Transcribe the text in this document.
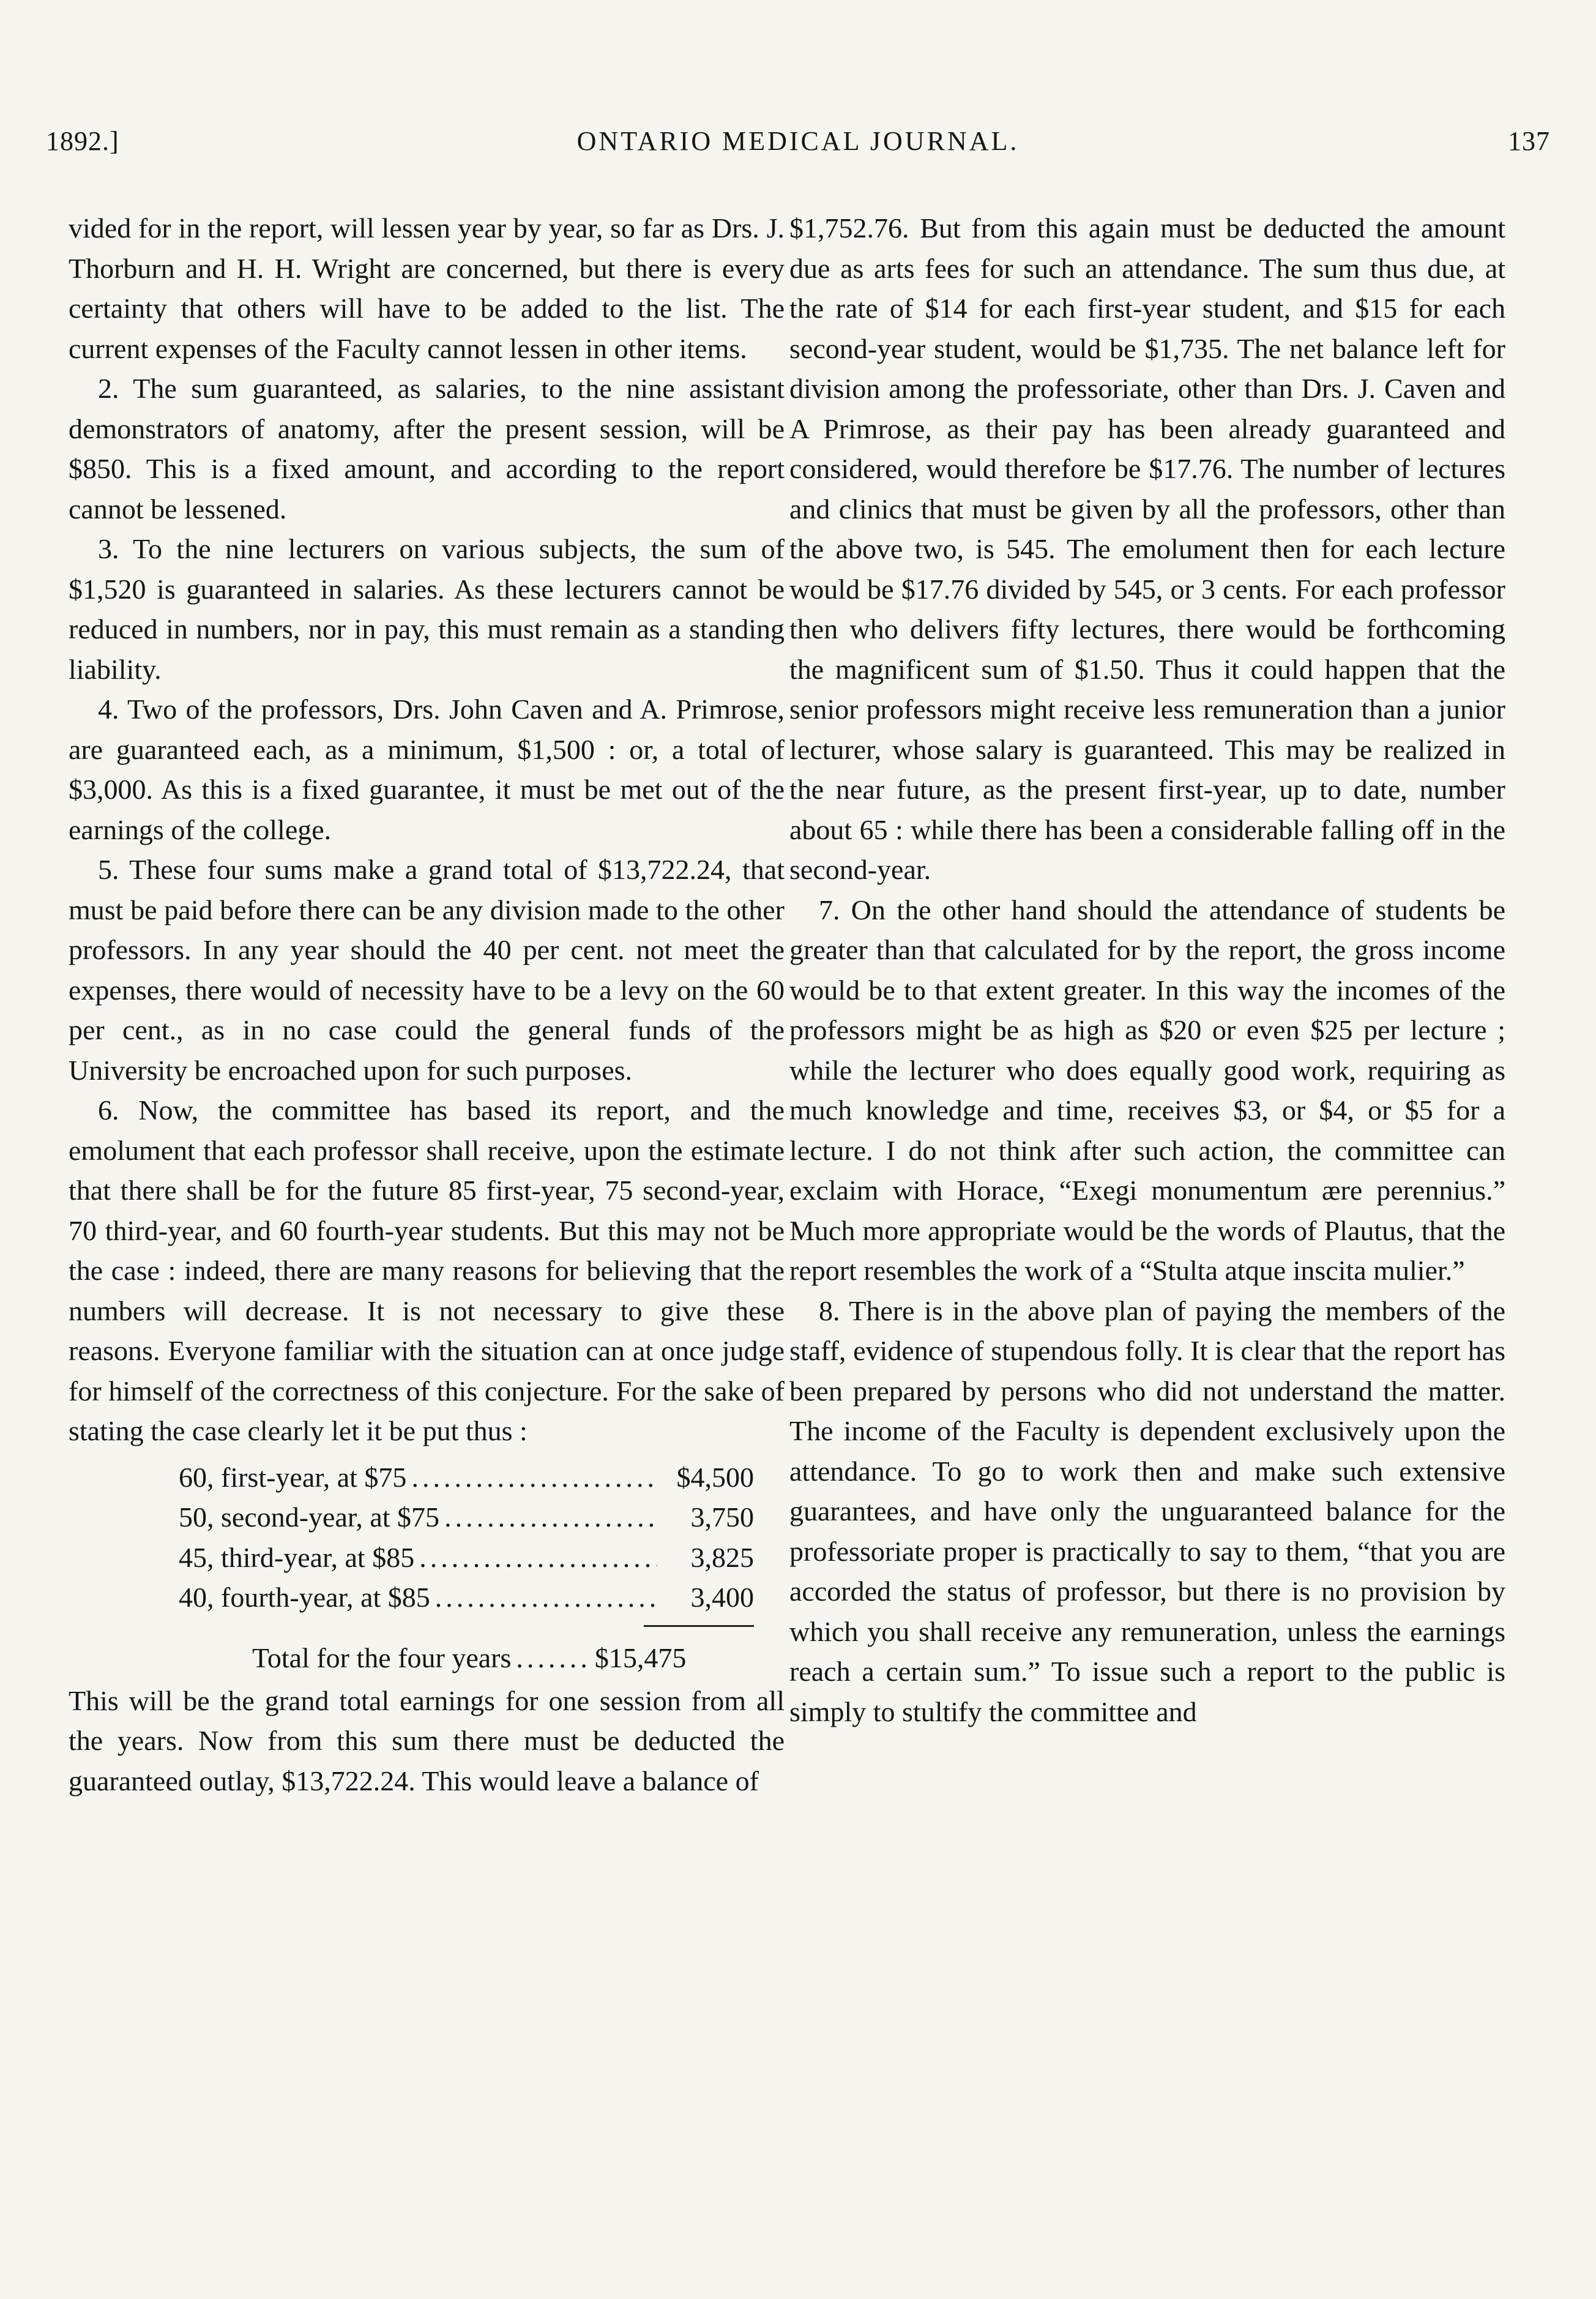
1892.]	ONTARIO MEDICAL JOURNAL.	137

vided for in the report, will lessen year by year, so far as Drs. J. Thorburn and H. H. Wright are concerned, but there is every certainty that others will have to be added to the list. The current expenses of the Faculty cannot lessen in other items.

2. The sum guaranteed, as salaries, to the nine assistant demonstrators of anatomy, after the present session, will be $850. This is a fixed amount, and according to the report cannot be lessened.

3. To the nine lecturers on various subjects, the sum of $1,520 is guaranteed in salaries. As these lecturers cannot be reduced in numbers, nor in pay, this must remain as a standing liability.

4. Two of the professors, Drs. John Caven and A. Primrose, are guaranteed each, as a minimum, $1,500 : or, a total of $3,000. As this is a fixed guarantee, it must be met out of the earnings of the college.

5. These four sums make a grand total of $13,722.24, that must be paid before there can be any division made to the other professors. In any year should the 40 per cent. not meet the expenses, there would of necessity have to be a levy on the 60 per cent., as in no case could the general funds of the University be encroached upon for such purposes.

6. Now, the committee has based its report, and the emolument that each professor shall receive, upon the estimate that there shall be for the future 85 first-year, 75 second-year, 70 third-year, and 60 fourth-year students. But this may not be the case : indeed, there are many reasons for believing that the numbers will decrease. It is not necessary to give these reasons. Everyone familiar with the situation can at once judge for himself of the correctness of this conjecture. For the sake of stating the case clearly let it be put thus :

60, first-year, at $75 .....	$4,500
50, second-year, at $75 .....	3,750
45, third-year, at $85 .....	3,825
40, fourth-year, at $85 .....	3,400
Total for the four years .....	$15,475

This will be the grand total earnings for one session from all the years. Now from this sum there must be deducted the guaranteed outlay, $13,722.24. This would leave a balance of

$1,752.76. But from this again must be deducted the amount due as arts fees for such an attendance. The sum thus due, at the rate of $14 for each first-year student, and $15 for each second-year student, would be $1,735. The net balance left for division among the professoriate, other than Drs. J. Caven and A Primrose, as their pay has been already guaranteed and considered, would therefore be $17.76. The number of lectures and clinics that must be given by all the professors, other than the above two, is 545. The emolument then for each lecture would be $17.76 divided by 545, or 3 cents. For each professor then who delivers fifty lectures, there would be forthcoming the magnificent sum of $1.50. Thus it could happen that the senior professors might receive less remuneration than a junior lecturer, whose salary is guaranteed. This may be realized in the near future, as the present first-year, up to date, number about 65 : while there has been a considerable falling off in the second-year.

7. On the other hand should the attendance of students be greater than that calculated for by the report, the gross income would be to that extent greater. In this way the incomes of the professors might be as high as $20 or even $25 per lecture ; while the lecturer who does equally good work, requiring as much knowledge and time, receives $3, or $4, or $5 for a lecture. I do not think after such action, the committee can exclaim with Horace, “Exegi monumentum ære perennius.” Much more appropriate would be the words of Plautus, that the report resembles the work of a “Stulta atque inscita mulier.”

8. There is in the above plan of paying the members of the staff, evidence of stupendous folly. It is clear that the report has been prepared by persons who did not understand the matter. The income of the Faculty is dependent exclusively upon the attendance. To go to work then and make such extensive guarantees, and have only the unguaranteed balance for the professoriate proper is practically to say to them, “that you are accorded the status of professor, but there is no provision by which you shall receive any remuneration, unless the earnings reach a certain sum.” To issue such a report to the public is simply to stultify the committee and
